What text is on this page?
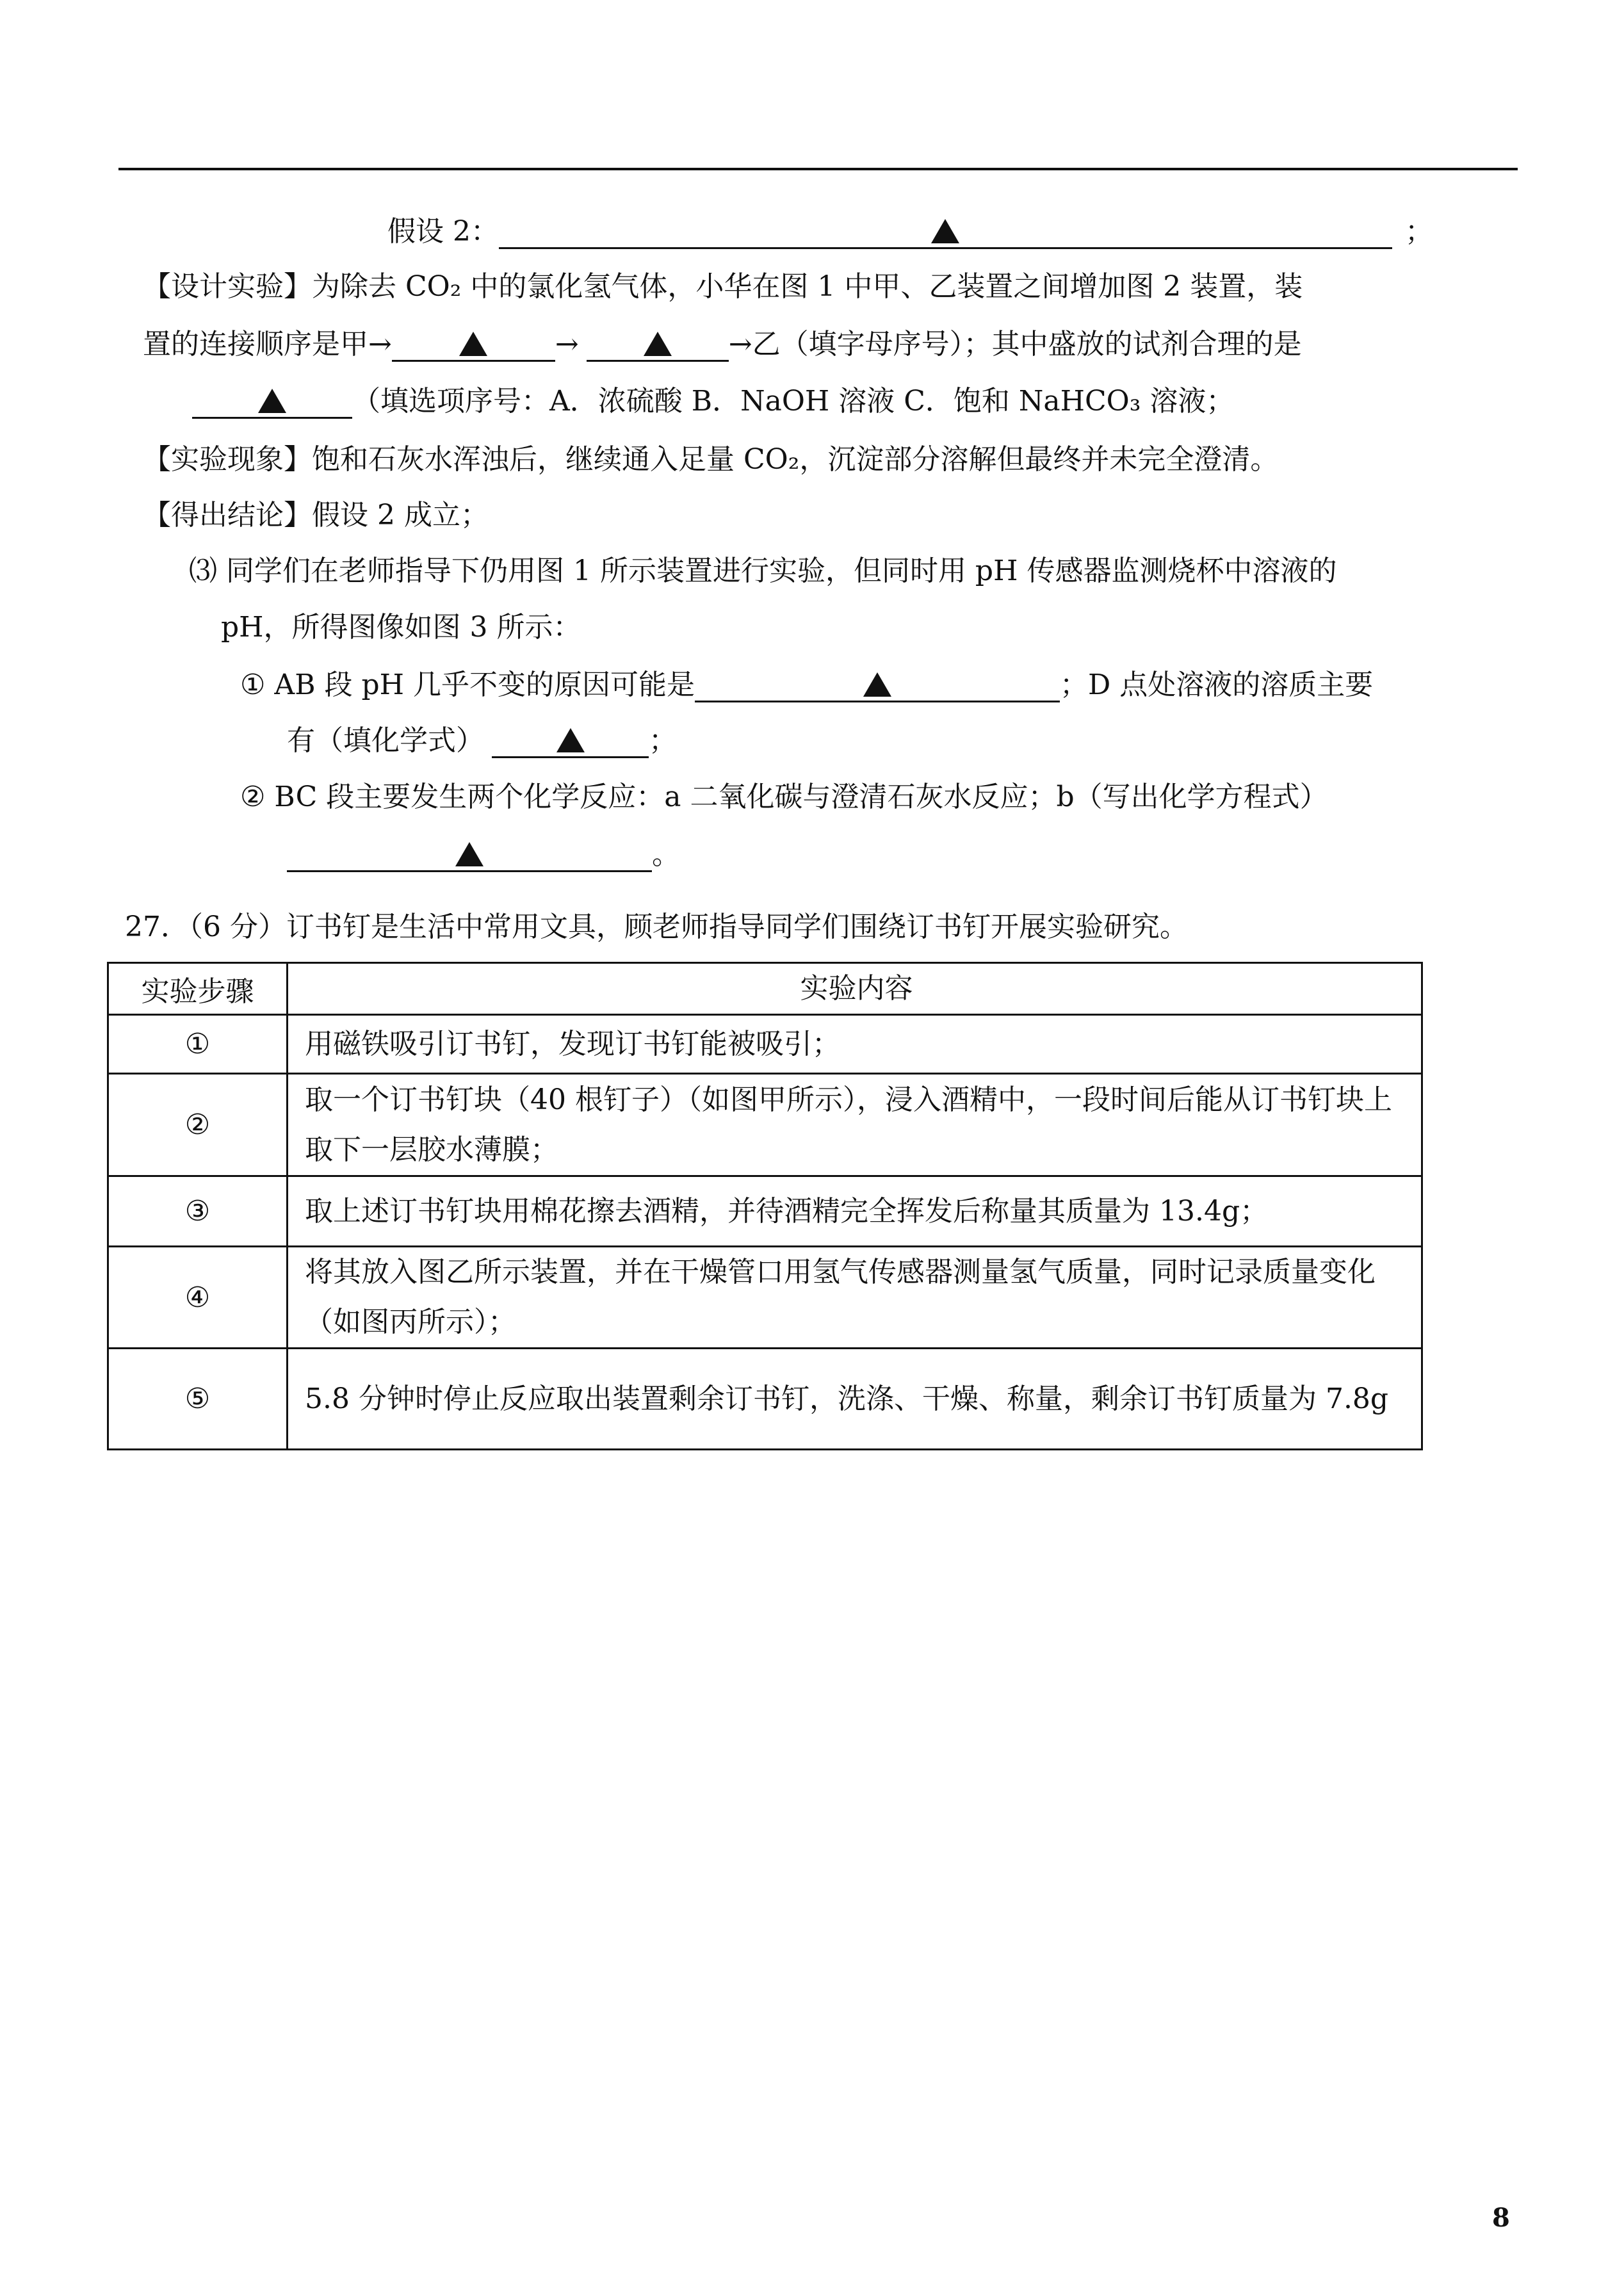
假设 2：	；
【设计实验】为除去 CO₂ 中的氯化氢气体，小华在图 1 中甲、乙装置之间增加图 2 装置，装
置的连接顺序是甲→	→	→乙（填字母序号）；其中盛放的试剂合理的是
（填选项序号：A．浓硫酸 B．NaOH 溶液 C．饱和 NaHCO₃ 溶液；
【实验现象】饱和石灰水浑浊后，继续通入足量 CO₂，沉淀部分溶解但最终并未完全澄清。
【得出结论】假设 2 成立；
⑶ 同学们在老师指导下仍用图 1 所示装置进行实验，但同时用 pH 传感器监测烧杯中溶液的
pH，所得图像如图 3 所示：
① AB 段 pH 几乎不变的原因可能是	；D 点处溶液的溶质主要
有（填化学式）	；
② BC 段主要发生两个化学反应：a 二氧化碳与澄清石灰水反应；b（写出化学方程式）
。
27．（6 分）订书钉是生活中常用文具，顾老师指导同学们围绕订书钉开展实验研究。
实验步骤	实验内容
①	用磁铁吸引订书钉，发现订书钉能被吸引；
②	取一个订书钉块（40 根钉子）（如图甲所示），浸入酒精中，一段时间后能从订书钉块上取下一层胶水薄膜；
③	取上述订书钉块用棉花擦去酒精，并待酒精完全挥发后称量其质量为 13.4g；
④	将其放入图乙所示装置，并在干燥管口用氢气传感器测量氢气质量，同时记录质量变化（如图丙所示）；
⑤	5.8 分钟时停止反应取出装置剩余订书钉，洗涤、干燥、称量，剩余订书钉质量为 7.8g
8
